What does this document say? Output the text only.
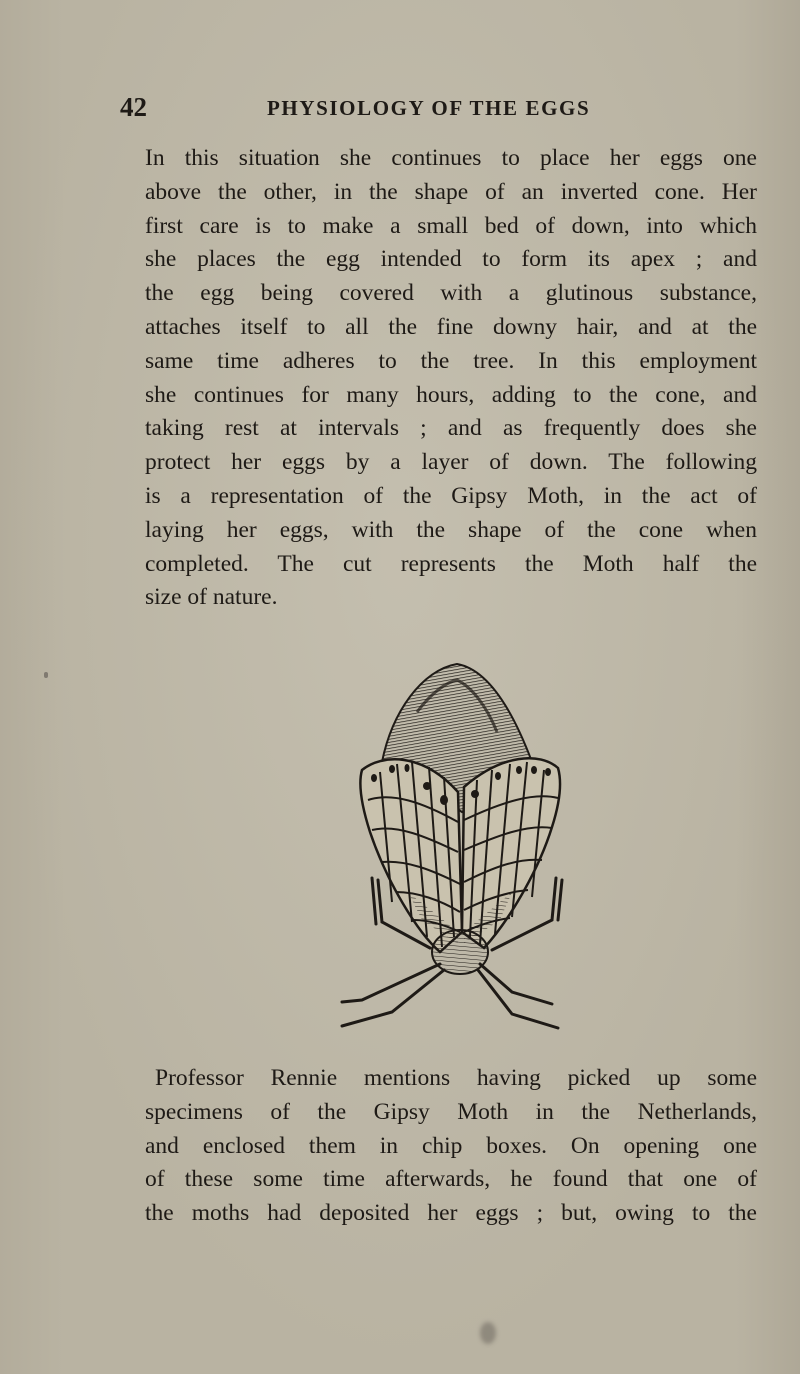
42	PHYSIOLOGY OF THE EGGS
In this situation she continues to place her eggs one
above the other, in the shape of an inverted cone. Her
first care is to make a small bed of down, into which
she places the egg intended to form its apex ; and
the egg being covered with a glutinous substance,
attaches itself to all the fine downy hair, and at the
same time adheres to the tree. In this employment
she continues for many hours, adding to the cone, and
taking rest at intervals ; and as frequently does she
protect her eggs by a layer of down. The following
is a representation of the Gipsy Moth, in the act of
laying her eggs, with the shape of the cone when
completed. The cut represents the Moth half the
size of nature.
Professor Rennie mentions having picked up some
specimens of the Gipsy Moth in the Netherlands,
and enclosed them in chip boxes. On opening one
of these some time afterwards, he found that one of
the moths had deposited her eggs ; but, owing to the
